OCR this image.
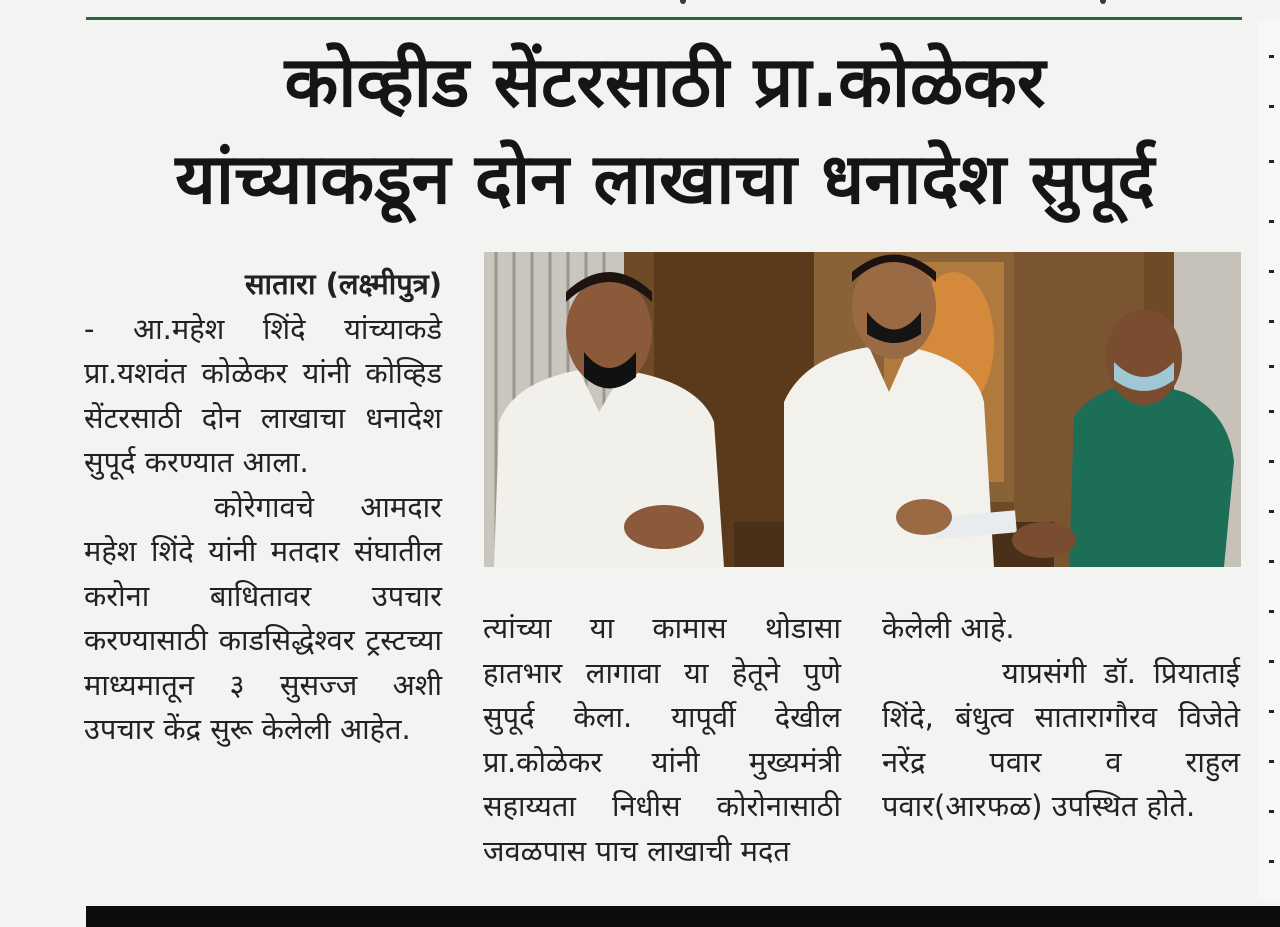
कोव्हीड सेंटरसाठी प्रा.कोळेकर
यांच्याकडून दोन लाखाचा धनादेश सुपूर्द

सातारा (लक्ष्मीपुत्र)

- आ.महेश शिंदे यांच्याकडे प्रा.यशवंत कोळेकर यांनी कोव्हिड सेंटरसाठी दोन लाखाचा धनादेश सुपूर्द करण्यात आला.

कोरेगावचे आमदार महेश शिंदे यांनी मतदार संघातील करोना बाधितावर उपचार करण्यासाठी काडसिद्धेश्वर ट्रस्टच्या माध्यमातून ३ सुसज्ज अशी उपचार केंद्र सुरू केलेली आहेत.

त्यांच्या या कामास थोडासा हातभार लागावा या हेतूने पुणे सुपूर्द केला. यापूर्वी देखील प्रा.कोळेकर यांनी मुख्यमंत्री सहाय्यता निधीस कोरोनासाठी जवळपास पाच लाखाची मदत

केलेली आहे.

याप्रसंगी डॉ. प्रियाताई शिंदे, बंधुत्व सातारागौरव विजेते नरेंद्र पवार व राहुल पवार(आरफळ) उपस्थित होते.
